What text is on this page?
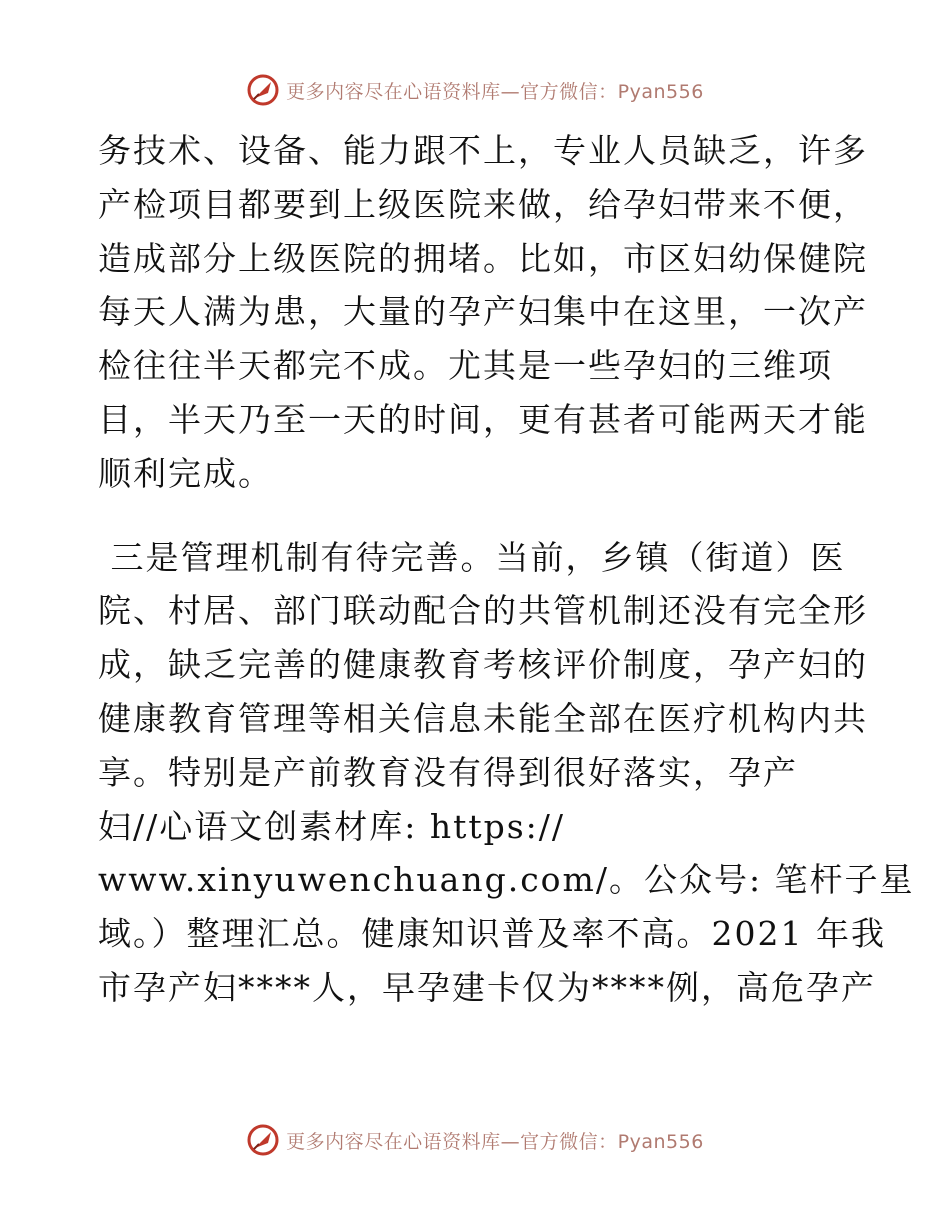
更多内容尽在心语资料库—官方微信：Pyan556
务技术、设备、能力跟不上，专业人员缺乏，许多
产检项目都要到上级医院来做，给孕妇带来不便，
造成部分上级医院的拥堵。比如，市区妇幼保健院
每天人满为患，大量的孕产妇集中在这里，一次产
检往往半天都完不成。尤其是一些孕妇的三维项
目，半天乃至一天的时间，更有甚者可能两天才能
顺利完成。
三是管理机制有待完善。当前，乡镇（街道）医
院、村居、部门联动配合的共管机制还没有完全形
成，缺乏完善的健康教育考核评价制度，孕产妇的
健康教育管理等相关信息未能全部在医疗机构内共
享。特别是产前教育没有得到很好落实，孕产
妇//心语文创素材库: https://
www.xinyuwenchuang.com/。公众号: 笔杆子星
域。）整理汇总。健康知识普及率不高。2021 年我
市孕产妇****人，早孕建卡仅为****例，高危孕产
更多内容尽在心语资料库—官方微信：Pyan556
